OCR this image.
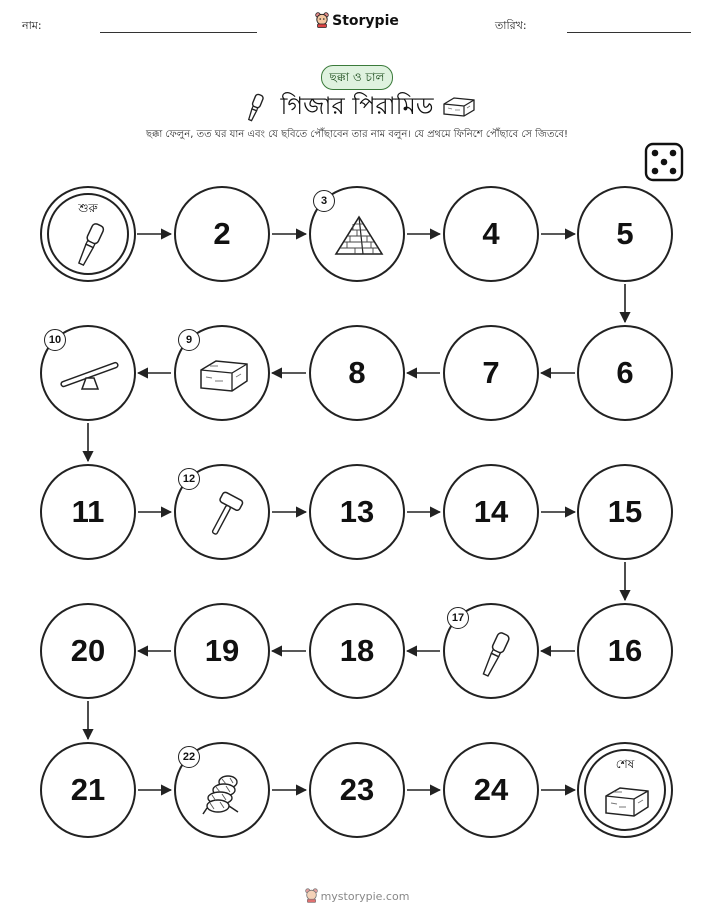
নাম:	Storypie	তারিখ:
ছক্কা ও চাল
গিজার পিরামিড
ছক্কা ফেলুন, তত ঘর যান এবং যে ছবিতে পৌঁছাবেন তার নাম বলুন। যে প্রথমে ফিনিশে পৌঁছাবে সে জিতবে!
শুরু
2
3
4	5
6
7
8
9
10
11
12
13	14	15
16
17
18
19
20
21
22
23	24
শেষ
mystorypie.com
